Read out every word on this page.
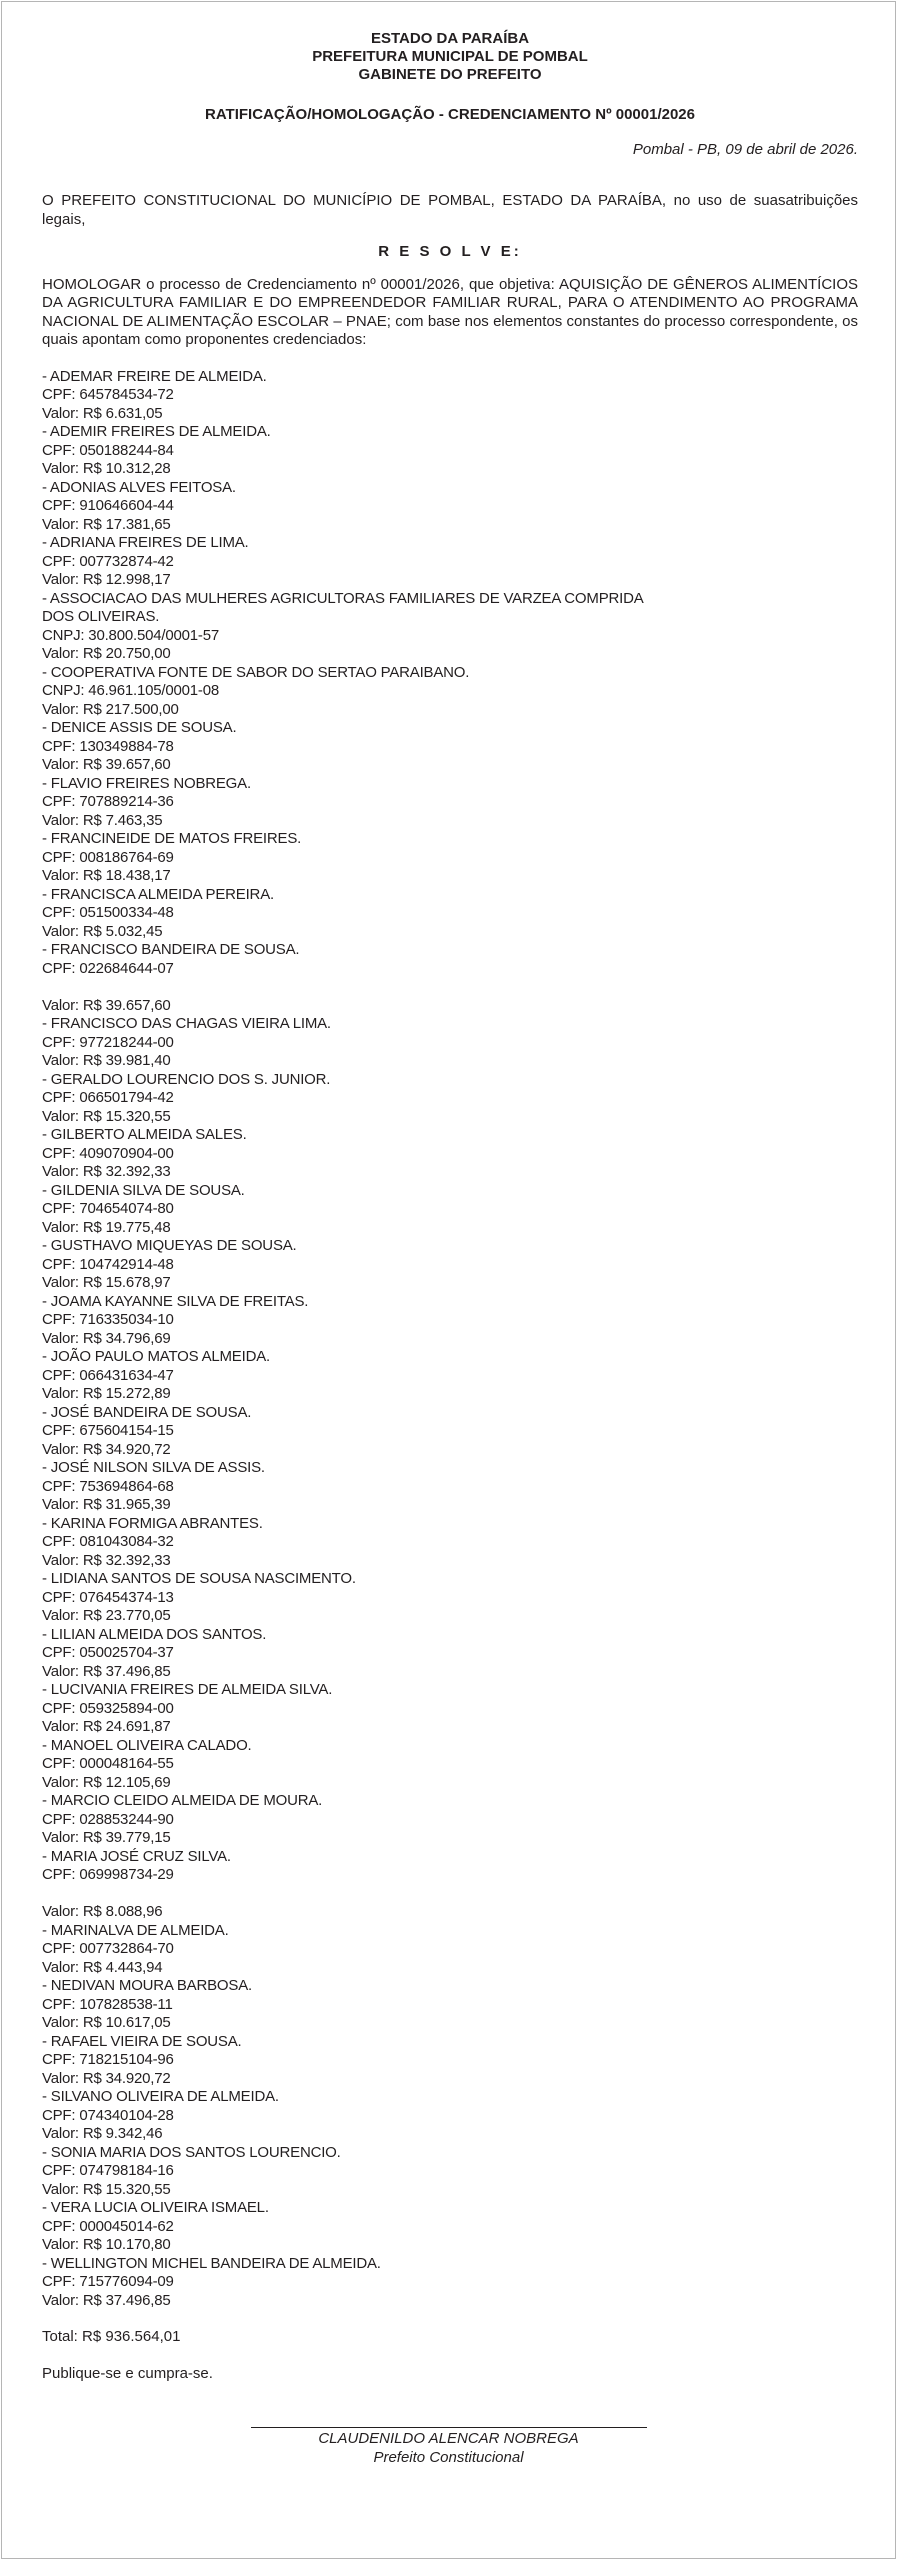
ESTADO DA PARAÍBA
PREFEITURA MUNICIPAL DE POMBAL
GABINETE DO PREFEITO
RATIFICAÇÃO/HOMOLOGAÇÃO - CREDENCIAMENTO Nº 00001/2026
Pombal - PB, 09 de abril de 2026.
O PREFEITO CONSTITUCIONAL DO MUNICÍPIO DE POMBAL, ESTADO DA PARAÍBA, no uso de suasatribuições legais,
R E S O L V E:
HOMOLOGAR o processo de Credenciamento nº 00001/2026, que objetiva: AQUISIÇÃO DE GÊNEROS ALIMENTÍCIOS DA AGRICULTURA FAMILIAR E DO EMPREENDEDOR FAMILIAR RURAL, PARA O ATENDIMENTO AO PROGRAMA NACIONAL DE ALIMENTAÇÃO ESCOLAR – PNAE; com base nos elementos constantes do processo correspondente, os quais apontam como proponentes credenciados:
- ADEMAR FREIRE DE ALMEIDA.
CPF: 645784534-72
Valor: R$ 6.631,05
- ADEMIR FREIRES DE ALMEIDA.
CPF: 050188244-84
Valor: R$ 10.312,28
- ADONIAS ALVES FEITOSA.
CPF: 910646604-44
Valor: R$ 17.381,65
- ADRIANA FREIRES DE LIMA.
CPF: 007732874-42
Valor: R$ 12.998,17
- ASSOCIACAO DAS MULHERES AGRICULTORAS FAMILIARES DE VARZEA COMPRIDA
DOS OLIVEIRAS.
CNPJ: 30.800.504/0001-57
Valor: R$ 20.750,00
- COOPERATIVA FONTE DE SABOR DO SERTAO PARAIBANO.
CNPJ: 46.961.105/0001-08
Valor: R$ 217.500,00
- DENICE ASSIS DE SOUSA.
CPF: 130349884-78
Valor: R$ 39.657,60
- FLAVIO FREIRES NOBREGA.
CPF: 707889214-36
Valor: R$ 7.463,35
- FRANCINEIDE DE MATOS FREIRES.
CPF: 008186764-69
Valor: R$ 18.438,17
- FRANCISCA ALMEIDA PEREIRA.
CPF: 051500334-48
Valor: R$ 5.032,45
- FRANCISCO BANDEIRA DE SOUSA.
CPF: 022684644-07
Valor: R$ 39.657,60
- FRANCISCO DAS CHAGAS VIEIRA LIMA.
CPF: 977218244-00
Valor: R$ 39.981,40
- GERALDO LOURENCIO DOS S. JUNIOR.
CPF: 066501794-42
Valor: R$ 15.320,55
- GILBERTO ALMEIDA SALES.
CPF: 409070904-00
Valor: R$ 32.392,33
- GILDENIA SILVA DE SOUSA.
CPF: 704654074-80
Valor: R$ 19.775,48
- GUSTHAVO MIQUEYAS DE SOUSA.
CPF: 104742914-48
Valor: R$ 15.678,97
- JOAMA KAYANNE SILVA DE FREITAS.
CPF: 716335034-10
Valor: R$ 34.796,69
- JOÃO PAULO MATOS ALMEIDA.
CPF: 066431634-47
Valor: R$ 15.272,89
- JOSÉ BANDEIRA DE SOUSA.
CPF: 675604154-15
Valor: R$ 34.920,72
- JOSÉ NILSON SILVA DE ASSIS.
CPF: 753694864-68
Valor: R$ 31.965,39
- KARINA FORMIGA ABRANTES.
CPF: 081043084-32
Valor: R$ 32.392,33
- LIDIANA SANTOS DE SOUSA NASCIMENTO.
CPF: 076454374-13
Valor: R$ 23.770,05
- LILIAN ALMEIDA DOS SANTOS.
CPF: 050025704-37
Valor: R$ 37.496,85
- LUCIVANIA FREIRES DE ALMEIDA SILVA.
CPF: 059325894-00
Valor: R$ 24.691,87
- MANOEL OLIVEIRA CALADO.
CPF: 000048164-55
Valor: R$ 12.105,69
- MARCIO CLEIDO ALMEIDA DE MOURA.
CPF: 028853244-90
Valor: R$ 39.779,15
- MARIA JOSÉ CRUZ SILVA.
CPF: 069998734-29
Valor: R$ 8.088,96
- MARINALVA DE ALMEIDA.
CPF: 007732864-70
Valor: R$ 4.443,94
- NEDIVAN MOURA BARBOSA.
CPF: 107828538-11
Valor: R$ 10.617,05
- RAFAEL VIEIRA DE SOUSA.
CPF: 718215104-96
Valor: R$ 34.920,72
- SILVANO OLIVEIRA DE ALMEIDA.
CPF: 074340104-28
Valor: R$ 9.342,46
- SONIA MARIA DOS SANTOS LOURENCIO.
CPF: 074798184-16
Valor: R$ 15.320,55
- VERA LUCIA OLIVEIRA ISMAEL.
CPF: 000045014-62
Valor: R$ 10.170,80
- WELLINGTON MICHEL BANDEIRA DE ALMEIDA.
CPF: 715776094-09
Valor: R$ 37.496,85
Total: R$ 936.564,01
Publique-se e cumpra-se.
CLAUDENILDO ALENCAR NOBREGA
Prefeito Constitucional
